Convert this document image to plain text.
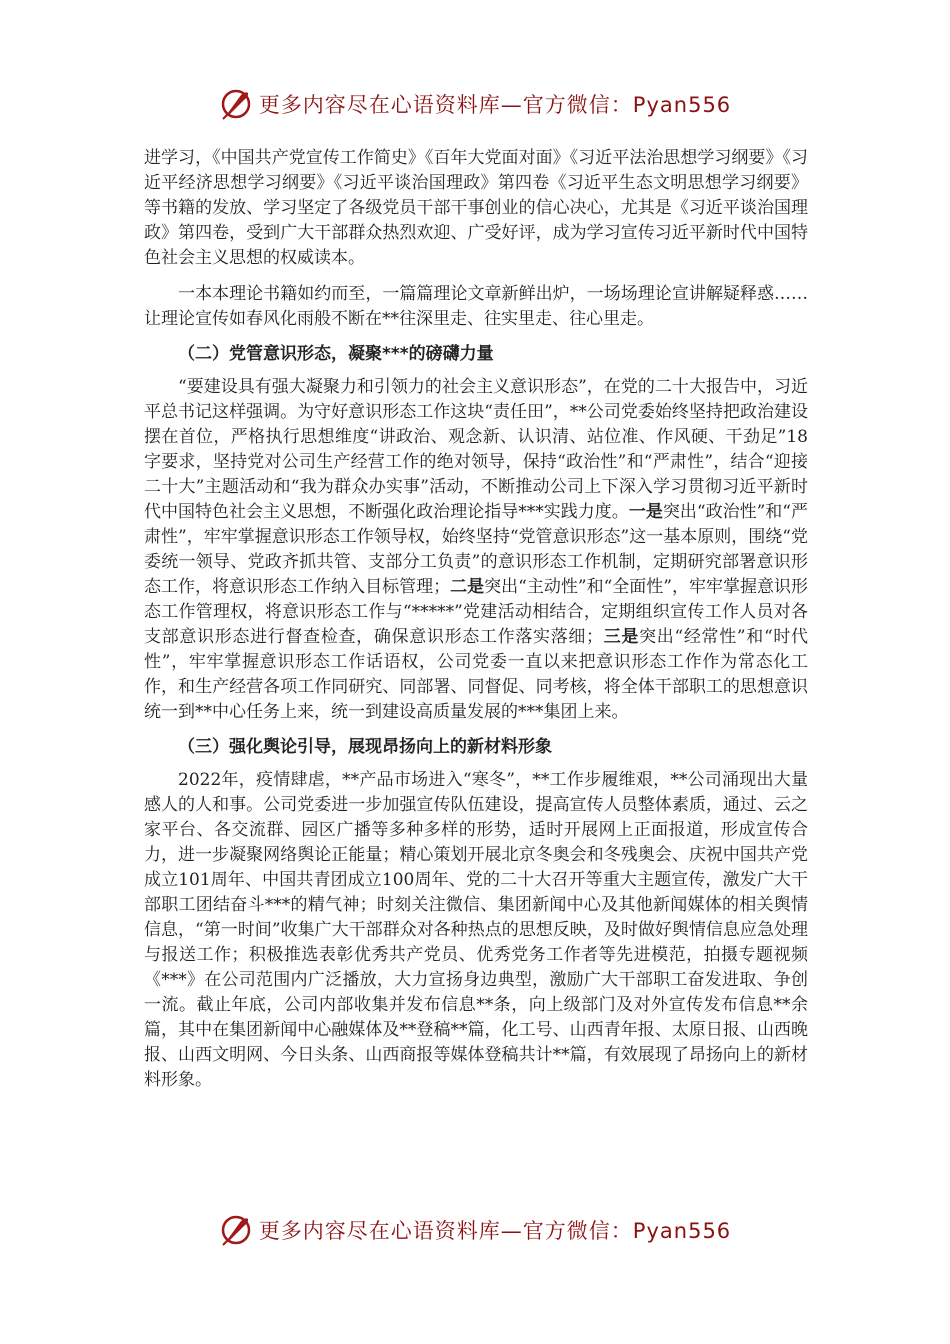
更多内容尽在心语资料库—官方微信：Pyan556

进学习，《中国共产党宣传工作简史》《百年大党面对面》《习近平法治思想学习纲要》《习近平经济思想学习纲要》《习近平谈治国理政》第四卷《习近平生态文明思想学习纲要》等书籍的发放、学习坚定了各级党员干部干事创业的信心决心，尤其是《习近平谈治国理政》第四卷，受到广大干部群众热烈欢迎、广受好评，成为学习宣传习近平新时代中国特色社会主义思想的权威读本。

一本本理论书籍如约而至，一篇篇理论文章新鲜出炉，一场场理论宣讲解疑释惑……让理论宣传如春风化雨般不断在**往深里走、往实里走、往心里走。

（二）党管意识形态，凝聚***的磅礴力量

“要建设具有强大凝聚力和引领力的社会主义意识形态”，在党的二十大报告中，习近平总书记这样强调。为守好意识形态工作这块“责任田”，**公司党委始终坚持把政治建设摆在首位，严格执行思想维度“讲政治、观念新、认识清、站位准、作风硬、干劲足”18字要求，坚持党对公司生产经营工作的绝对领导，保持“政治性”和“严肃性”，结合“迎接二十大”主题活动和“我为群众办实事”活动，不断推动公司上下深入学习贯彻习近平新时代中国特色社会主义思想，不断强化政治理论指导***实践力度。一是突出“政治性”和“严肃性”，牢牢掌握意识形态工作领导权，始终坚持“党管意识形态”这一基本原则，围绕“党委统一领导、党政齐抓共管、支部分工负责”的意识形态工作机制，定期研究部署意识形态工作，将意识形态工作纳入目标管理；二是突出“主动性”和“全面性”，牢牢掌握意识形态工作管理权，将意识形态工作与“*****”党建活动相结合，定期组织宣传工作人员对各支部意识形态进行督查检查，确保意识形态工作落实落细；三是突出“经常性”和“时代性”，牢牢掌握意识形态工作话语权，公司党委一直以来把意识形态工作作为常态化工作，和生产经营各项工作同研究、同部署、同督促、同考核，将全体干部职工的思想意识统一到**中心任务上来，统一到建设高质量发展的***集团上来。

（三）强化舆论引导，展现昂扬向上的新材料形象

2022年，疫情肆虐，**产品市场进入“寒冬”，**工作步履维艰，**公司涌现出大量感人的人和事。公司党委进一步加强宣传队伍建设，提高宣传人员整体素质，通过、云之家平台、各交流群、园区广播等多种多样的形势，适时开展网上正面报道，形成宣传合力，进一步凝聚网络舆论正能量；精心策划开展北京冬奥会和冬残奥会、庆祝中国共产党成立101周年、中国共青团成立100周年、党的二十大召开等重大主题宣传，激发广大干部职工团结奋斗***的精气神；时刻关注微信、集团新闻中心及其他新闻媒体的相关舆情信息，“第一时间”收集广大干部群众对各种热点的思想反映，及时做好舆情信息应急处理与报送工作；积极推选表彰优秀共产党员、优秀党务工作者等先进模范，拍摄专题视频《***》在公司范围内广泛播放，大力宣扬身边典型，激励广大干部职工奋发进取、争创一流。截止年底，公司内部收集并发布信息**条，向上级部门及对外宣传发布信息**余篇，其中在集团新闻中心融媒体及**登稿**篇，化工号、山西青年报、太原日报、山西晚报、山西文明网、今日头条、山西商报等媒体登稿共计**篇，有效展现了昂扬向上的新材料形象。

更多内容尽在心语资料库—官方微信：Pyan556
